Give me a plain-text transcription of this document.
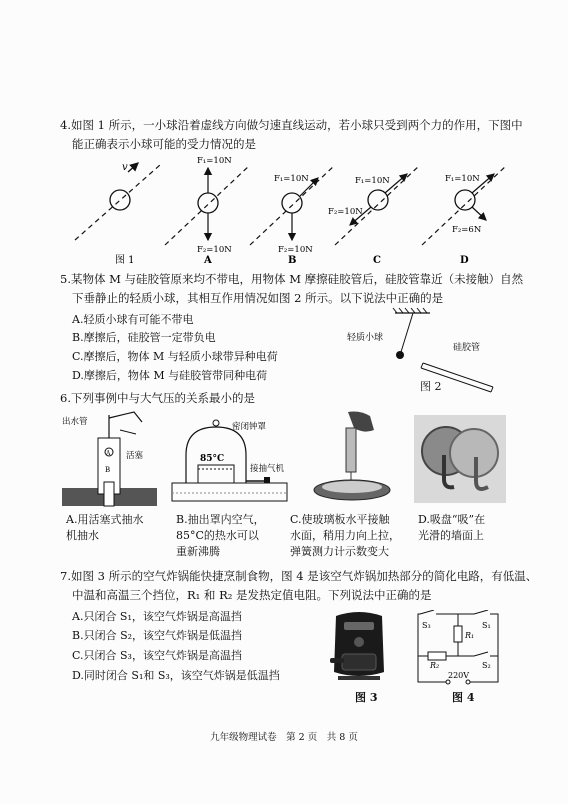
4.如图 1 所示，一小球沿着虚线方向做匀速直线运动，若小球只受到两个力的作用，下图中
能正确表示小球可能的受力情况的是
v
F₁=10N
F₂=10N
F₁=10N
F₂=10N
F₁=10N
F₂=10N
F₁=10N
F₂=6N
图 1	A	B	C	D
5.某物体 M 与硅胶管原来均不带电，用物体 M 摩擦硅胶管后，硅胶管靠近（未接触）自然
下垂静止的轻质小球，其相互作用情况如图 2 所示。以下说法中正确的是
A.轻质小球有可能不带电
B.摩擦后，硅胶管一定带负电
C.摩擦后，物体 M 与轻质小球带异种电荷
D.摩擦后，物体 M 与硅胶管带同种电荷
轻质小球
硅胶管
图 2
6.下列事例中与大气压的关系最小的是
A
B
出水管
活塞	85°C
密闭钟罩
接抽气机
A.用活塞式抽水
机抽水
B.抽出罩内空气，
85°C的热水可以
重新沸腾
C.使玻璃板水平接触
水面，稍用力向上拉，
弹簧测力计示数变大
D.吸盘“吸”在
光滑的墙面上
7.如图 3 所示的空气炸锅能快捷烹制食物，图 4 是该空气炸锅加热部分的简化电路，有低温、
中温和高温三个挡位，R₁ 和 R₂ 是发热定值电阻。下列说法中正确的是
A.只闭合 S₁，该空气炸锅是高温挡
B.只闭合 S₂，该空气炸锅是低温挡
C.只闭合 S₃，该空气炸锅是高温挡
D.同时闭合 S₁和 S₃，该空气炸锅是低温挡
图 3
S₃	S₁
R₁
R₂	S₂
220V
图 4
九年级物理试卷　第 2 页　共 8 页
